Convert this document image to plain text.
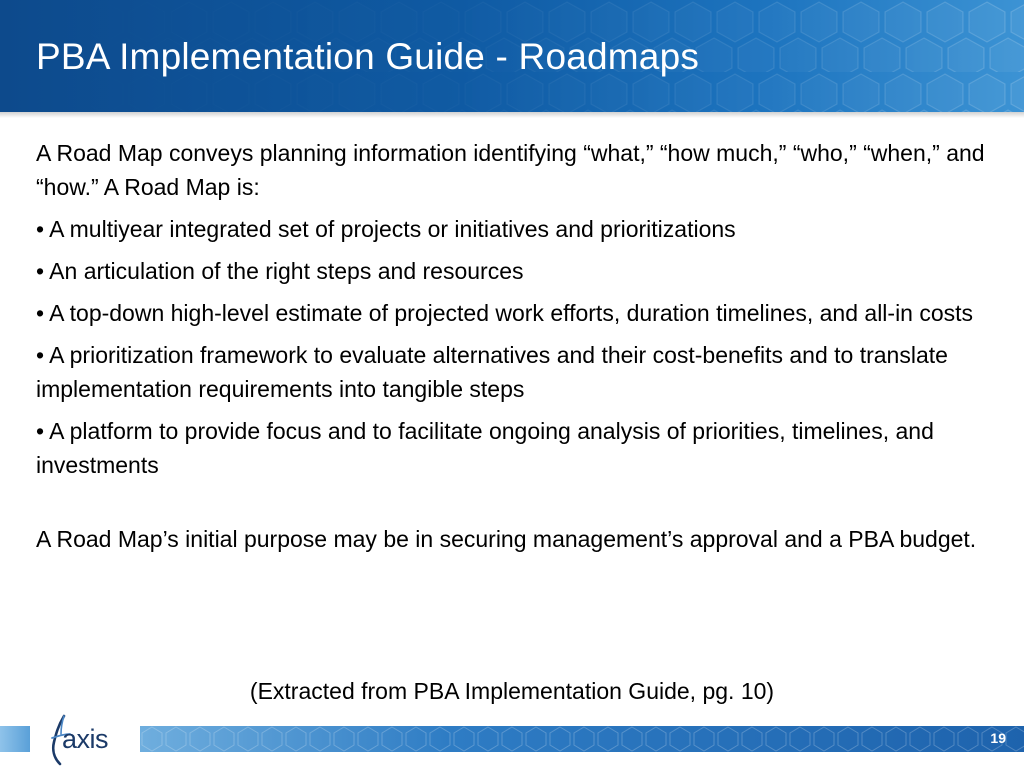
PBA Implementation Guide - Roadmaps

A Road Map conveys planning information identifying “what,” “how much,” “who,” “when,” and “how.” A Road Map is:

• A multiyear integrated set of projects or initiatives and prioritizations

• An articulation of the right steps and resources

• A top-down high-level estimate of projected work efforts, duration timelines, and all-in costs

• A prioritization framework to evaluate alternatives and their cost-benefits and to translate implementation requirements into tangible steps

• A platform to provide focus and to facilitate ongoing analysis of priorities, timelines, and investments

A Road Map’s initial purpose may be in securing management’s approval and a PBA budget.

(Extracted from PBA Implementation Guide, pg. 10)

axis	19
